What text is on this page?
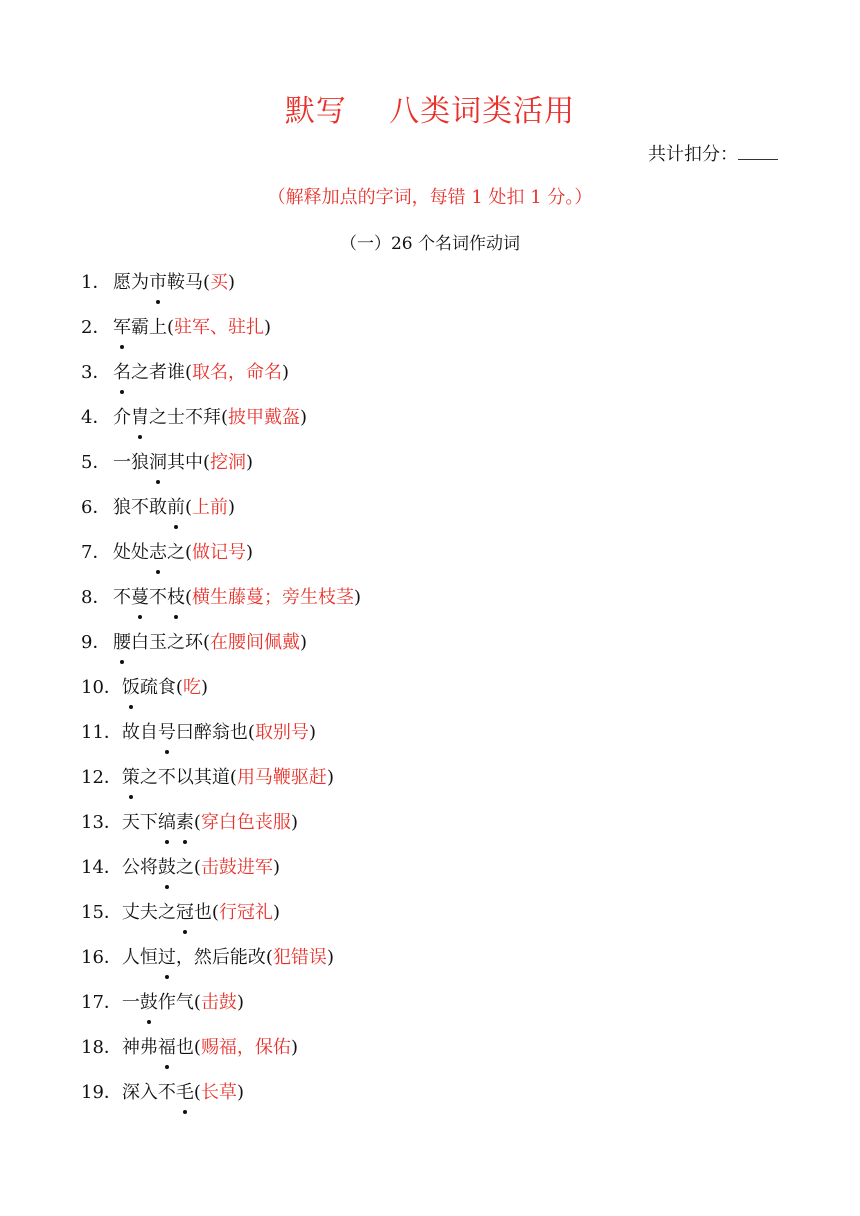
默写    八类词类活用
共计扣分：
（解释加点的字词，每错 1 处扣 1 分。）
（一）26 个名词作动词
1． 愿为市鞍马(买)
2． 军霸上(驻军、驻扎)
3． 名之者谁(取名，命名)
4． 介胄之士不拜(披甲戴盔)
5． 一狼洞其中(挖洞)
6． 狼不敢前(上前)
7． 处处志之(做记号)
8． 不蔓不枝(横生藤蔓；旁生枝茎)
9． 腰白玉之环(在腰间佩戴)
10．饭疏食(吃)
11．故自号曰醉翁也(取别号)
12．策之不以其道(用马鞭驱赶)
13．天下缟素(穿白色丧服)
14．公将鼓之(击鼓进军)
15．丈夫之冠也(行冠礼)
16．人恒过，然后能改(犯错误)
17．一鼓作气(击鼓)
18．神弗福也(赐福，保佑)
19．深入不毛(长草)
